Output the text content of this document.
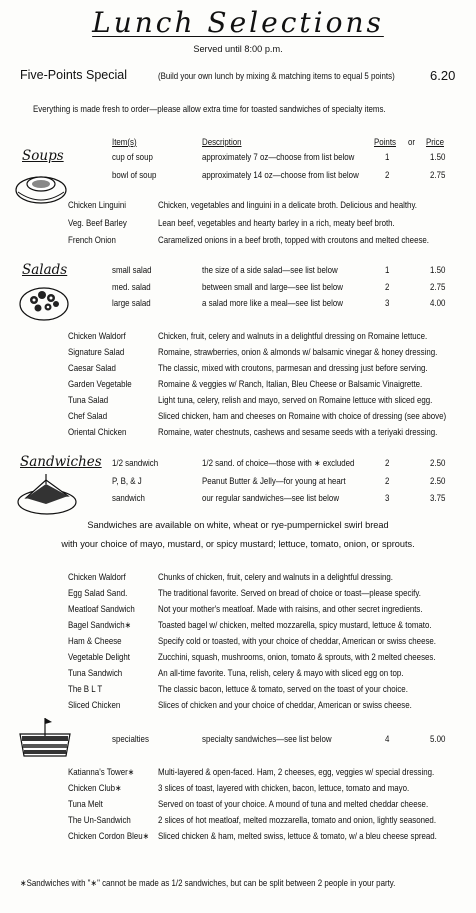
Lunch Selections
Served until 8:00 p.m.
Five-Points Special	(Build your own lunch by mixing & matching items to equal 5 points)	6.20
Everything is made fresh to order—please allow extra time for toasted sandwiches of specialty items.
Item(s)	Description	Points or Price
Soups	cup of soup	approximately 7 oz—choose from list below	1	1.50
bowl of soup	approximately 14 oz—choose from list below	2	2.75
Chicken Linguini	Chicken, vegetables and linguini in a delicate broth. Delicious and healthy.
Veg. Beef Barley	Lean beef, vegetables and hearty barley in a rich, meaty beef broth.
French Onion	Caramelized onions in a beef broth, topped with croutons and melted cheese.
Salads	small salad	the size of a side salad—see list below	1	1.50
med. salad	between small and large—see list below	2	2.75
large salad	a salad more like a meal—see list below	3	4.00
Chicken Waldorf	Chicken, fruit, celery and walnuts in a delightful dressing on Romaine lettuce.
Signature Salad	Romaine, strawberries, onion & almonds w/ balsamic vinegar & honey dressing.
Caesar Salad	The classic, mixed with croutons, parmesan and dressing just before serving.
Garden Vegetable	Romaine & veggies w/ Ranch, Italian, Bleu Cheese or Balsamic Vinaigrette.
Tuna Salad	Light tuna, celery, relish and mayo, served on Romaine lettuce with sliced egg.
Chef Salad	Sliced chicken, ham and cheeses on Romaine with choice of dressing (see above)
Oriental Chicken	Romaine, water chestnuts, cashews and sesame seeds with a teriyaki dressing.
Sandwiches 1/2 sandwich	1/2 sand. of choice—those with ∗ excluded	2	2.50
P, B, & J	Peanut Butter & Jelly—for young at heart	2	2.50
sandwich	our regular sandwiches—see list below	3	3.75
Sandwiches are available on white, wheat or rye-pumpernickel swirl bread
with your choice of mayo, mustard, or spicy mustard; lettuce, tomato, onion, or sprouts.
Chicken Waldorf	Chunks of chicken, fruit, celery and walnuts in a delightful dressing.
Egg Salad Sand.	The traditional favorite. Served on bread of choice or toast—please specify.
Meatloaf Sandwich	Not your mother's meatloaf. Made with raisins, and other secret ingredients.
Bagel Sandwich∗	Toasted bagel w/ chicken, melted mozzarella, spicy mustard, lettuce & tomato.
Ham & Cheese	Specify cold or toasted, with your choice of cheddar, American or swiss cheese.
Vegetable Delight	Zucchini, squash, mushrooms, onion, tomato & sprouts, with 2 melted cheeses.
Tuna Sandwich	An all-time favorite. Tuna, relish, celery & mayo with sliced egg on top.
The B L T	The classic bacon, lettuce & tomato, served on the toast of your choice.
Sliced Chicken	Slices of chicken and your choice of cheddar, American or swiss cheese.
specialties	specialty sandwiches—see list below	4	5.00
Katianna's Tower∗	Multi-layered & open-faced. Ham, 2 cheeses, egg, veggies w/ special dressing.
Chicken Club∗	3 slices of toast, layered with chicken, bacon, lettuce, tomato and mayo.
Tuna Melt	Served on toast of your choice. A mound of tuna and melted cheddar cheese.
The Un-Sandwich	2 slices of hot meatloaf, melted mozzarella, tomato and onion, lightly seasoned.
Chicken Cordon Bleu∗ Sliced chicken & ham, melted swiss, lettuce & tomato, w/ a bleu cheese spread.
∗Sandwiches with "∗" cannot be made as 1/2 sandwiches, but can be split between 2 people in your party.
